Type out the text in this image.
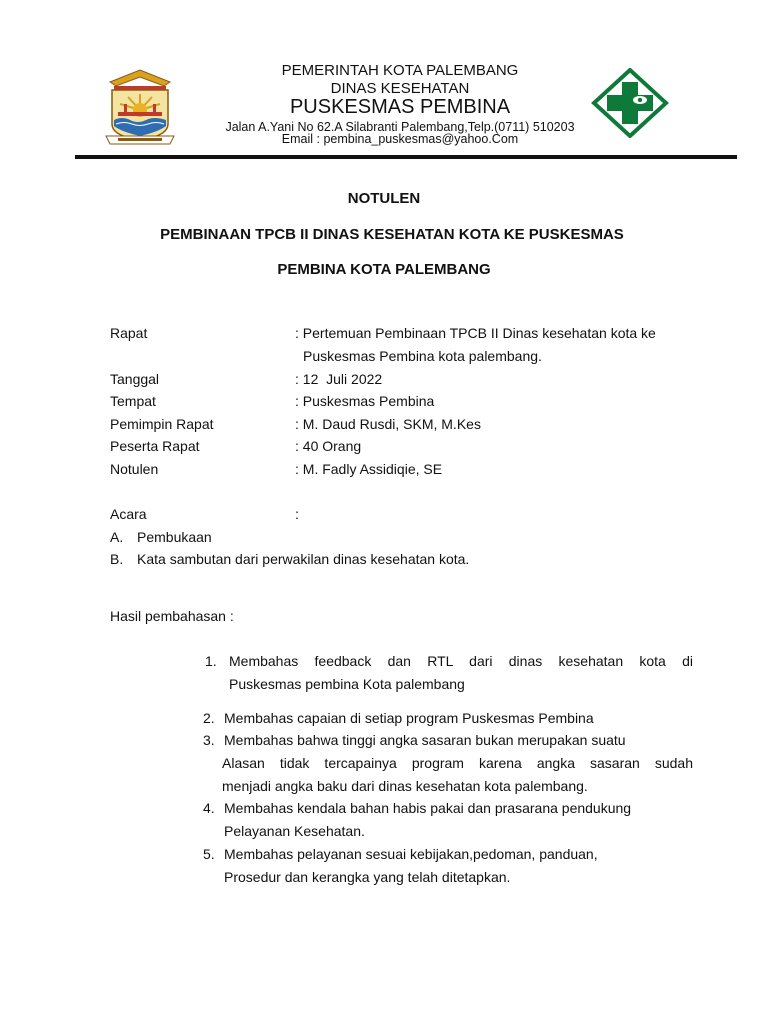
PEMERINTAH KOTA PALEMBANG
DINAS KESEHATAN
PUSKESMAS PEMBINA
Jalan A.Yani No 62.A Silabranti Palembang,Telp.(0711) 510203
Email : pembina_puskesmas@yahoo.Com
NOTULEN
PEMBINAAN TPCB II DINAS KESEHATAN KOTA KE PUSKESMAS
PEMBINA KOTA PALEMBANG
Rapat	: Pertemuan Pembinaan TPCB II Dinas kesehatan kota ke
Puskesmas Pembina kota palembang.
Tanggal	: 12  Juli 2022
Tempat	: Puskesmas Pembina
Pemimpin Rapat	: M. Daud Rusdi, SKM, M.Kes
Peserta Rapat	: 40 Orang
Notulen	: M. Fadly Assidiqie, SE
Acara	:
A. Pembukaan
B. Kata sambutan dari perwakilan dinas kesehatan kota.
Hasil pembahasan :
1. Membahas feedback dan RTL dari dinas kesehatan kota di
Puskesmas pembina Kota palembang
2. Membahas capaian di setiap program Puskesmas Pembina
3. Membahas bahwa tinggi angka sasaran bukan merupakan suatu
Alasan tidak tercapainya program karena angka sasaran sudah
menjadi angka baku dari dinas kesehatan kota palembang.
4. Membahas kendala bahan habis pakai dan prasarana pendukung
Pelayanan Kesehatan.
5. Membahas pelayanan sesuai kebijakan,pedoman, panduan,
Prosedur dan kerangka yang telah ditetapkan.
